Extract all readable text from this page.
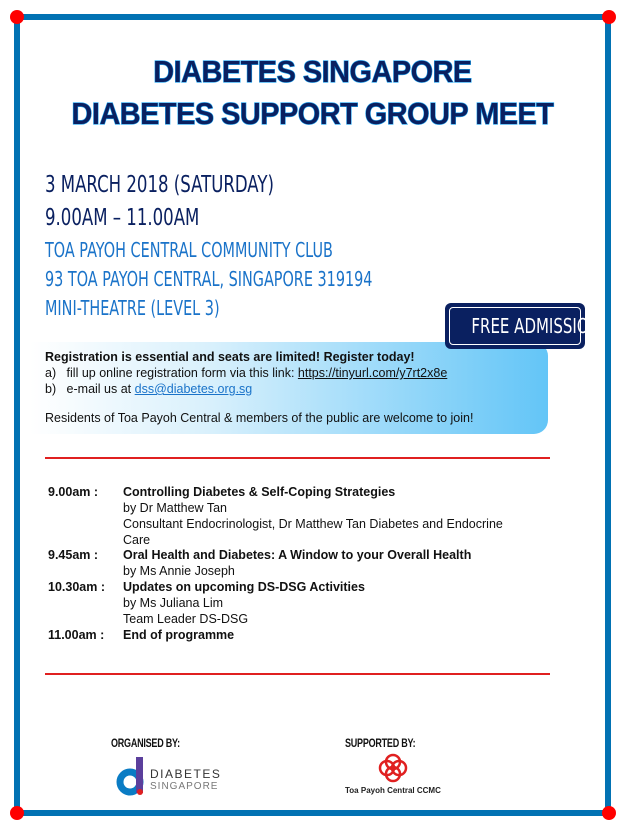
DIABETES SINGAPORE
DIABETES SUPPORT GROUP MEET
3 MARCH 2018 (SATURDAY)
9.00AM – 11.00AM
TOA PAYOH CENTRAL COMMUNITY CLUB
93 TOA PAYOH CENTRAL, SINGAPORE 319194
MINI-THEATRE (LEVEL 3)
Registration is essential and seats are limited! Register today!
a) fill up online registration form via this link: https://tinyurl.com/y7rt2x8e
b) e-mail us at dss@diabetes.org.sg
Residents of Toa Payoh Central & members of the public are welcome to join!
FREE ADMISSION
9.00am :	Controlling Diabetes & Self-Coping Strategies
by Dr Matthew Tan
Consultant Endocrinologist, Dr Matthew Tan Diabetes and Endocrine Care
9.45am :	Oral Health and Diabetes: A Window to your Overall Health
by Ms Annie Joseph
10.30am :	Updates on upcoming DS-DSG Activities
by Ms Juliana Lim
Team Leader DS-DSG
11.00am :	End of programme
ORGANISED BY:
DIABETES
SINGAPORE
SUPPORTED BY:
Toa Payoh Central CCMC
